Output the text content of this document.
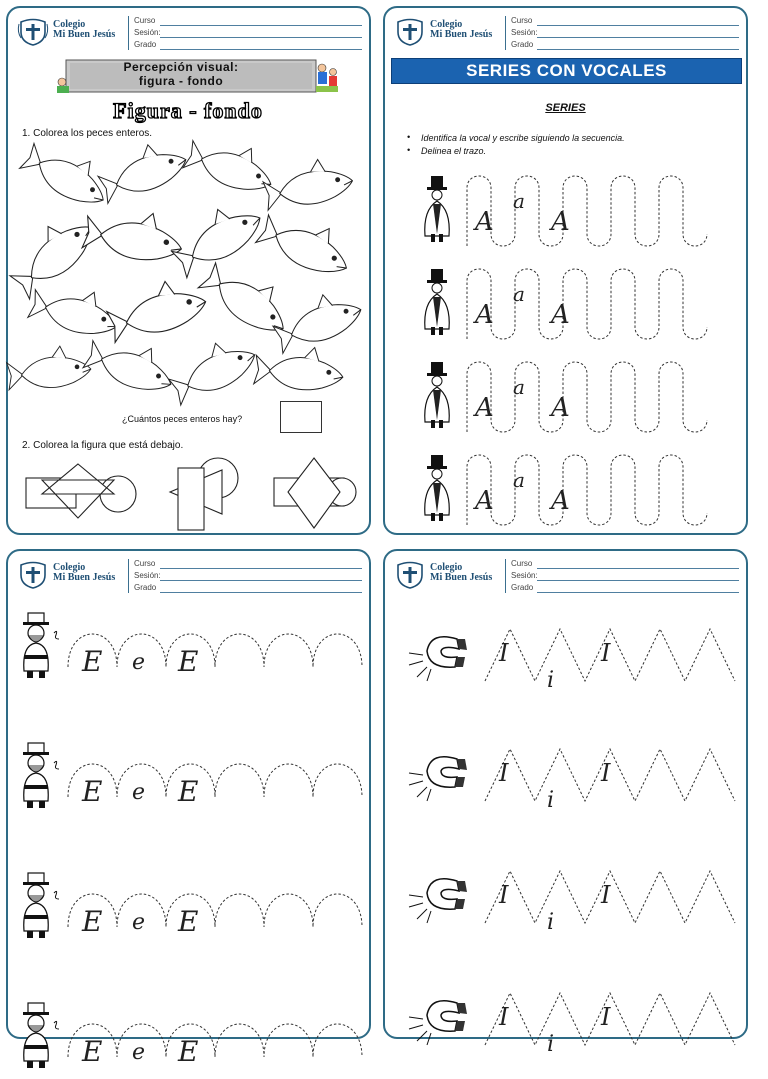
Colegio
Mi Buen Jesús
Curso
Sesión:
Grado
Percepción visual:
figura - fondo
Figura - fondo
1. Colorea los peces enteros.
¿Cuántos peces enteros hay?
2. Colorea la figura que está debajo.
Colegio
Mi Buen Jesús
Curso
Sesión:
Grado
SERIES CON VOCALES
SERIES
• Identifica la vocal y escribe siguiendo la secuencia.
• Delinea el trazo.
A
a
A
A
a
A
A
a
A
A
a
A
Colegio
Mi Buen Jesús
Curso
Sesión:
Grado
E e E
E e E
E e E
E e E
Colegio
Mi Buen Jesús
Curso
Sesión:
Grado
I
i
I
I
i
I
I
i
I
I
i
I
